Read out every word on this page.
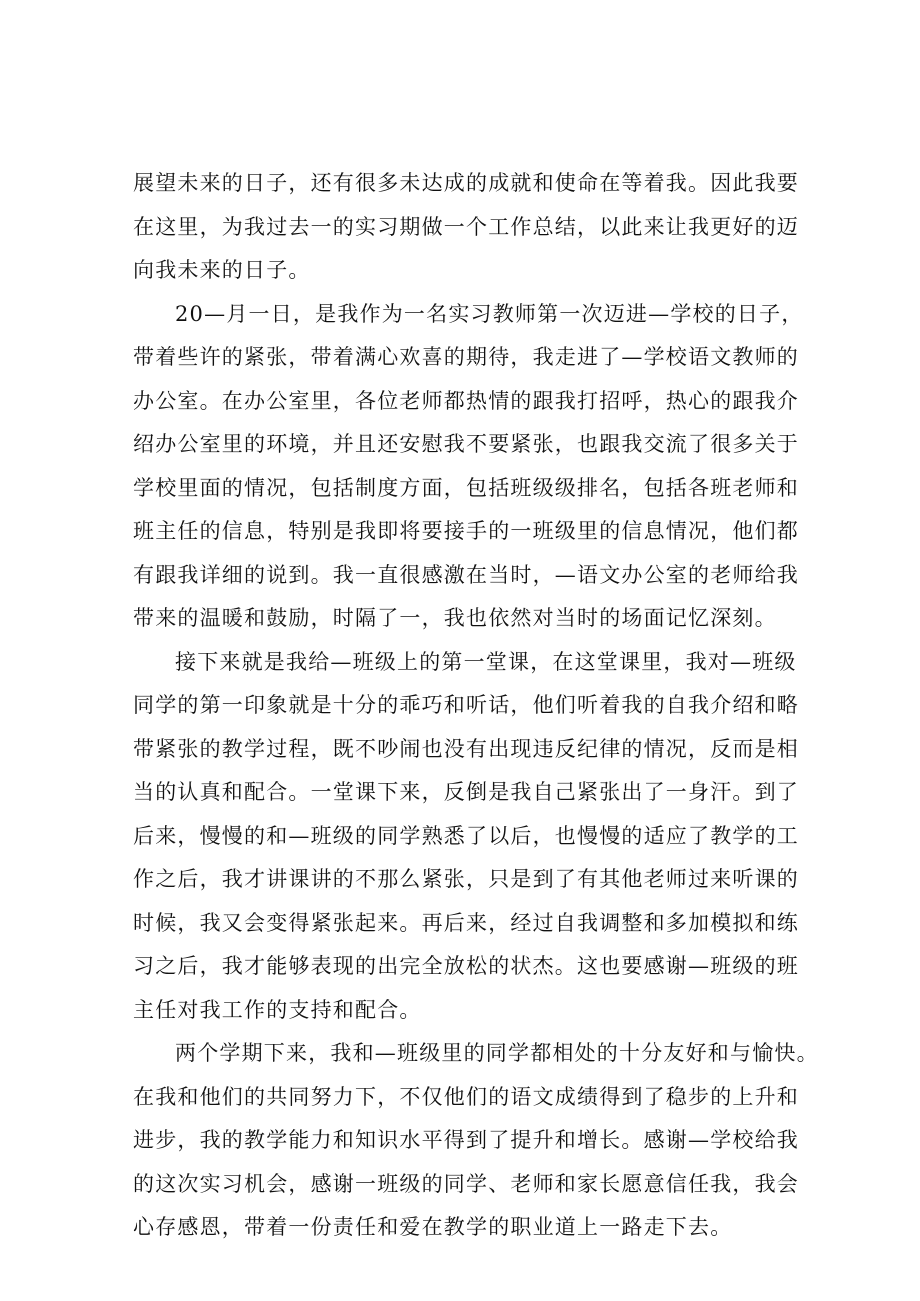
展望未来的日子，还有很多未达成的成就和使命在等着我。因此我要
在这里，为我过去一的实习期做一个工作总结，以此来让我更好的迈
向我未来的日子。
20—月一日，是我作为一名实习教师第一次迈进—学校的日子，
带着些许的紧张，带着满心欢喜的期待，我走进了—学校语文教师的
办公室。在办公室里，各位老师都热情的跟我打招呼，热心的跟我介
绍办公室里的环境，并且还安慰我不要紧张，也跟我交流了很多关于
学校里面的情况，包括制度方面，包括班级级排名，包括各班老师和
班主任的信息，特别是我即将要接手的一班级里的信息情况，他们都
有跟我详细的说到。我一直很感激在当时，—语文办公室的老师给我
带来的温暖和鼓励，时隔了一，我也依然对当时的场面记忆深刻。
接下来就是我给—班级上的第一堂课，在这堂课里，我对—班级
同学的第一印象就是十分的乖巧和听话，他们听着我的自我介绍和略
带紧张的教学过程，既不吵闹也没有出现违反纪律的情况，反而是相
当的认真和配合。一堂课下来，反倒是我自己紧张出了一身汗。到了
后来，慢慢的和—班级的同学熟悉了以后，也慢慢的适应了教学的工
作之后，我才讲课讲的不那么紧张，只是到了有其他老师过来听课的
时候，我又会变得紧张起来。再后来，经过自我调整和多加模拟和练
习之后，我才能够表现的出完全放松的状杰。这也要感谢—班级的班
主任对我工作的支持和配合。
两个学期下来，我和—班级里的同学都相处的十分友好和与愉快。
在我和他们的共同努力下，不仅他们的语文成绩得到了稳步的上升和
进步，我的教学能力和知识水平得到了提升和增长。感谢—学校给我
的这次实习机会，感谢一班级的同学、老师和家长愿意信任我，我会
心存感恩，带着一份责任和爱在教学的职业道上一路走下去。
